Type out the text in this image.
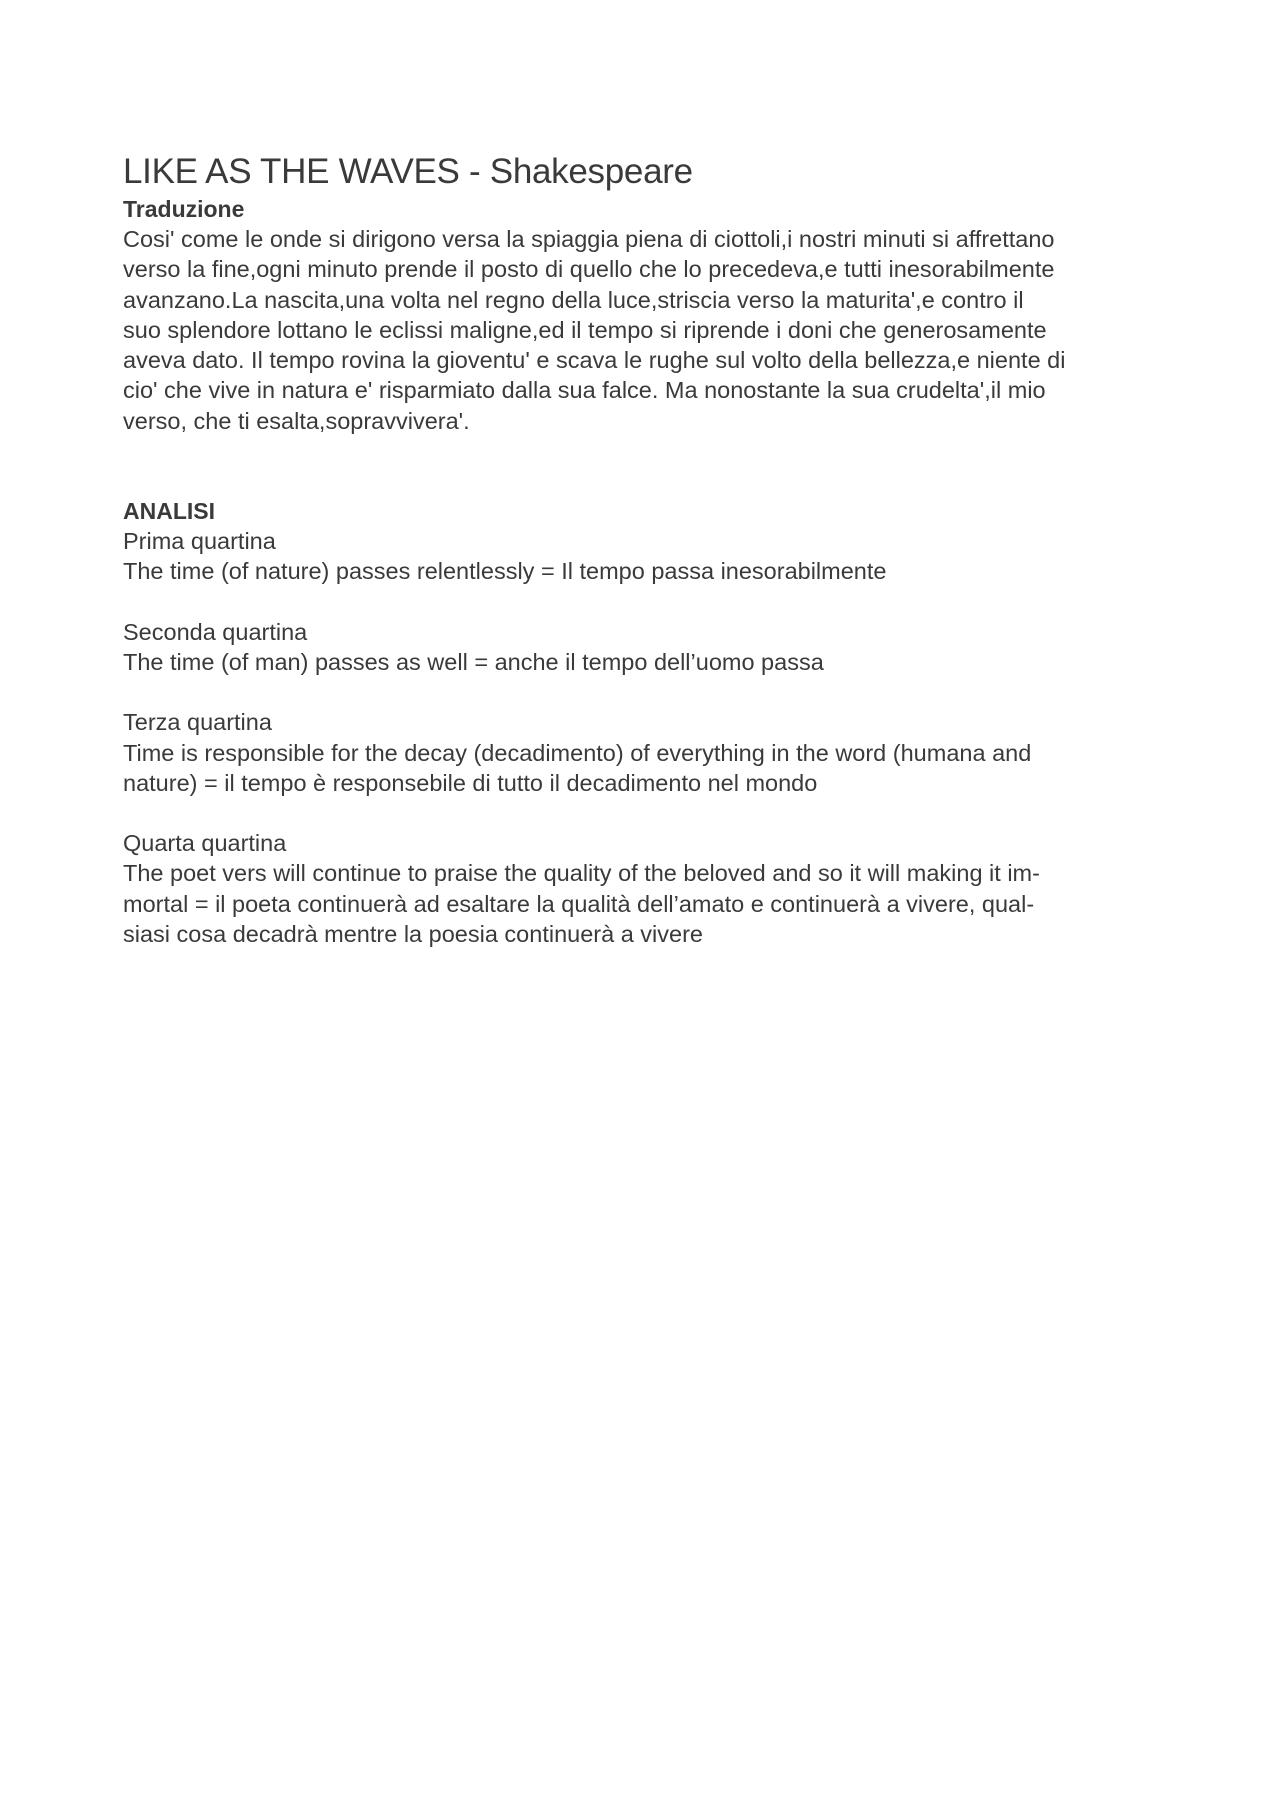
LIKE AS THE WAVES - Shakespeare
Traduzione
Cosi' come le onde si dirigono versa la spiaggia piena di ciottoli,i nostri minuti si affrettano
verso la fine,ogni minuto prende il posto di quello che lo precedeva,e tutti inesorabilmente
avanzano.La nascita,una volta nel regno della luce,striscia verso la maturita',e contro il
suo splendore lottano le eclissi maligne,ed il tempo si riprende i doni che generosamente
aveva dato. Il tempo rovina la gioventu' e scava le rughe sul volto della bellezza,e niente di
cio' che vive in natura e' risparmiato dalla sua falce. Ma nonostante la sua crudelta',il mio
verso, che ti esalta,sopravvivera'.
ANALISI
Prima quartina
The time (of nature) passes relentlessly = Il tempo passa inesorabilmente
Seconda quartina
The time (of man) passes as well = anche il tempo dell’uomo passa
Terza quartina
Time is responsible for the decay (decadimento) of everything in the word (humana and
nature) = il tempo è responsebile di tutto il decadimento nel mondo
Quarta quartina
The poet vers will continue to praise the quality of the beloved and so it will making it im-
mortal = il poeta continuerà ad esaltare la qualità dell’amato e continuerà a vivere, qual-
siasi cosa decadrà mentre la poesia continuerà a vivere
